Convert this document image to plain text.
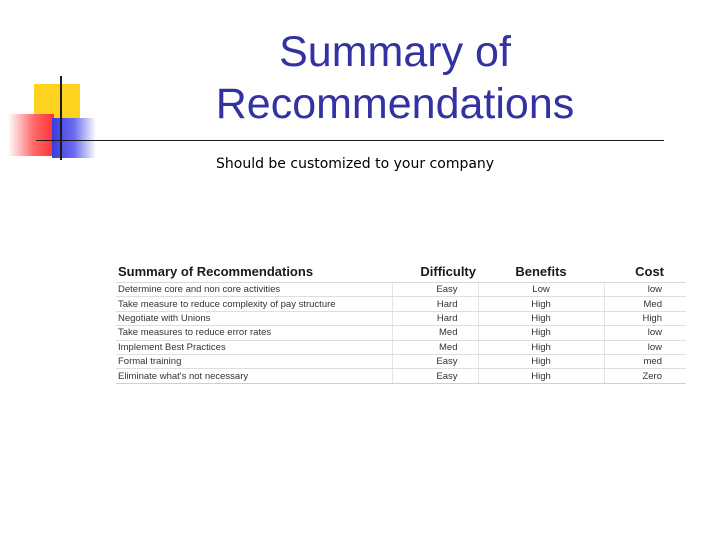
Summary of
Recommendations
Should be customized to your company
Summary of Recommendations	Difficulty	Benefits	Cost
Determine core and non core activities	Easy	Low	low
Take measure to reduce complexity of pay structure	Hard	High	Med
Negotiate with Unions	Hard	High	High
Take measures to reduce error rates	Med	High	low
Implement Best Practices	Med	High	low
Formal training	Easy	High	med
Eliminate what's not necessary	Easy	High	Zero
